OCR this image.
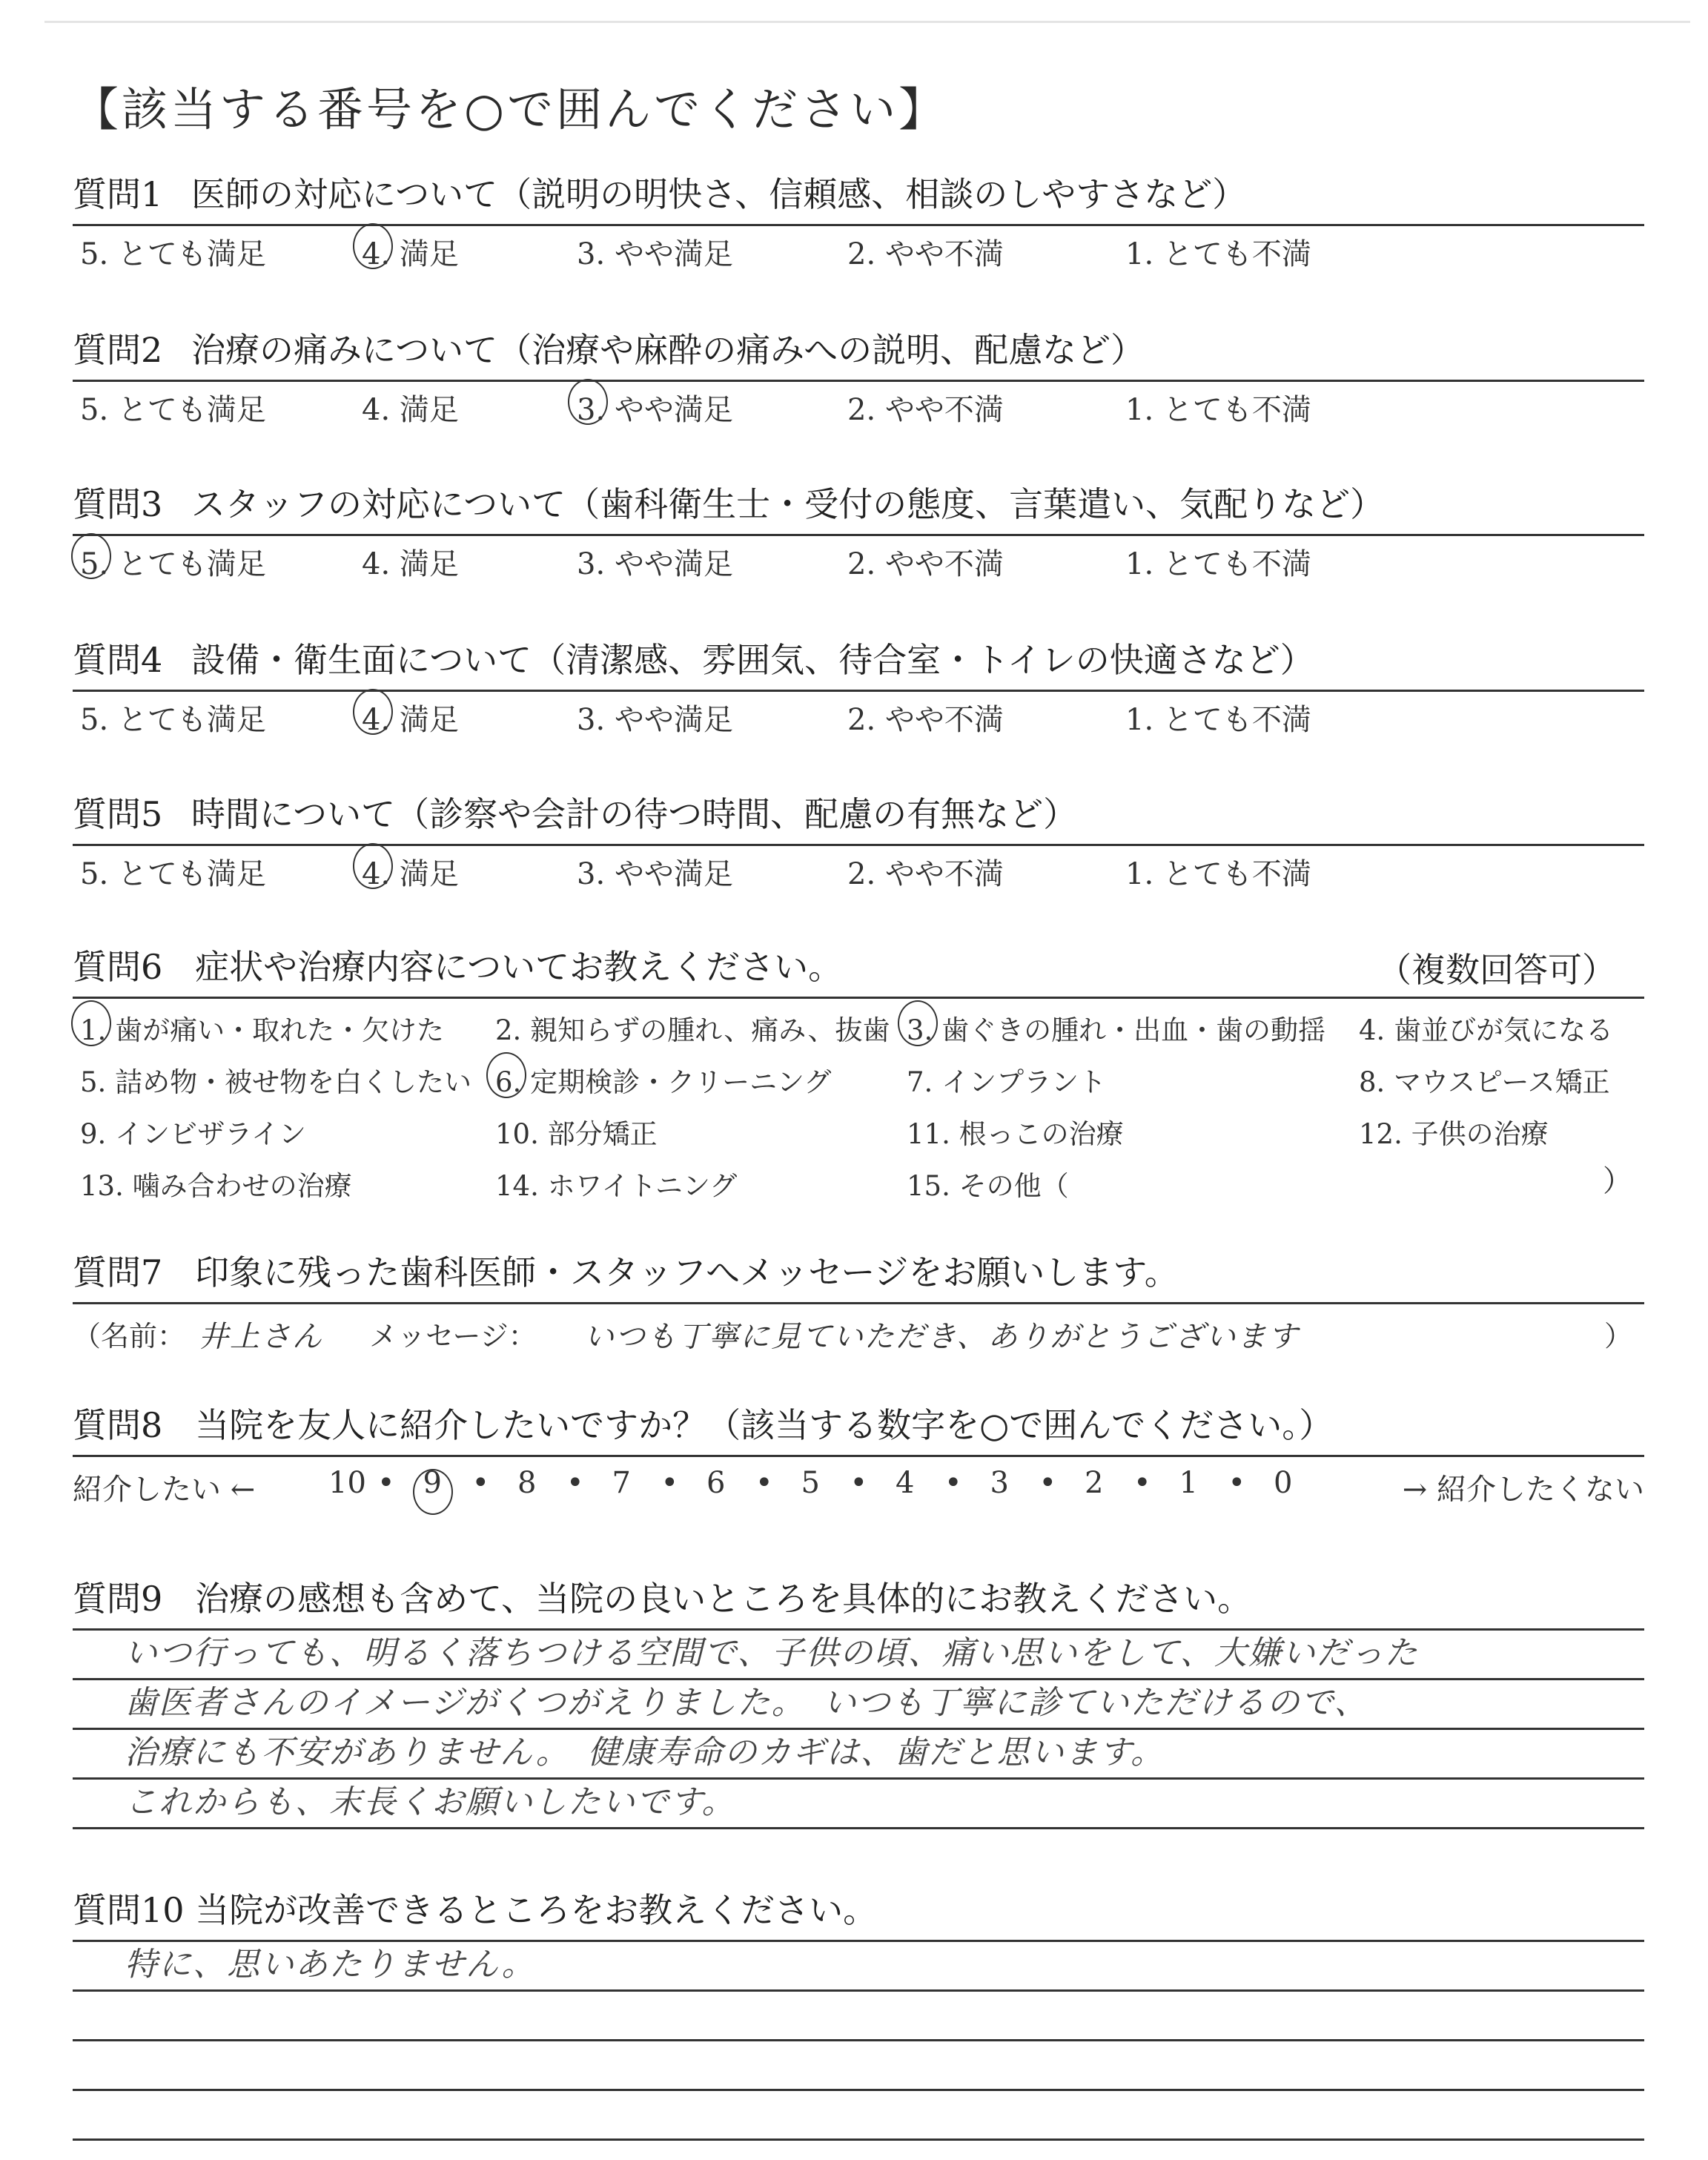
【該当する番号を○で囲んでください】
質問1 医師の対応について（説明の明快さ、信頼感、相談のしやすさなど）
5. とても満足	4. 満足	3. やや満足	2. やや不満	1. とても不満
質問2 治療の痛みについて（治療や麻酔の痛みへの説明、配慮など）
5. とても満足	4. 満足	3. やや満足	2. やや不満	1. とても不満
質問3 スタッフの対応について（歯科衛生士・受付の態度、言葉遣い、気配りなど）
5. とても満足	4. 満足	3. やや満足	2. やや不満	1. とても不満
質問4 設備・衛生面について（清潔感、雰囲気、待合室・トイレの快適さなど）
5. とても満足	4. 満足	3. やや満足	2. やや不満	1. とても不満
質問5 時間について（診察や会計の待つ時間、配慮の有無など）
5. とても満足	4. 満足	3. やや満足	2. やや不満	1. とても不満
質問6 症状や治療内容についてお教えください。	（複数回答可）
）
1. 歯が痛い・取れた・欠けた 2. 親知らずの腫れ、痛み、抜歯 3. 歯ぐきの腫れ・出血・歯の動揺 4. 歯並びが気になる
5. 詰め物・被せ物を白くしたい 6. 定期検診・クリーニング	7. インプラント	8. マウスピース矯正
9. インビザライン	10. 部分矯正	11. 根っこの治療	12. 子供の治療
13. 噛み合わせの治療	14. ホワイトニング	15. その他（
質問7 印象に残った歯科医師・スタッフへメッセージをお願いします。
（名前： 井上さん メッセージ： いつも丁寧に見ていただき、ありがとうございます	）
質問8 当院を友人に紹介したいですか？（該当する数字を○で囲んでください。）
紹介したい ←	→ 紹介したくない
10 • 9 • 8 • 7 • 6 • 5 • 4 • 3 • 2 • 1 • 0
質問9 治療の感想も含めて、当院の良いところを具体的にお教えください。
いつ行っても、明るく落ちつける空間で、子供の頃、痛い思いをして、大嫌いだった
歯医者さんのイメージがくつがえりました。　いつも丁寧に診ていただけるので、
治療にも不安がありません。　健康寿命のカギは、歯だと思います。
これからも、末長くお願いしたいです。
質問10 当院が改善できるところをお教えください。
特に、思いあたりません。
